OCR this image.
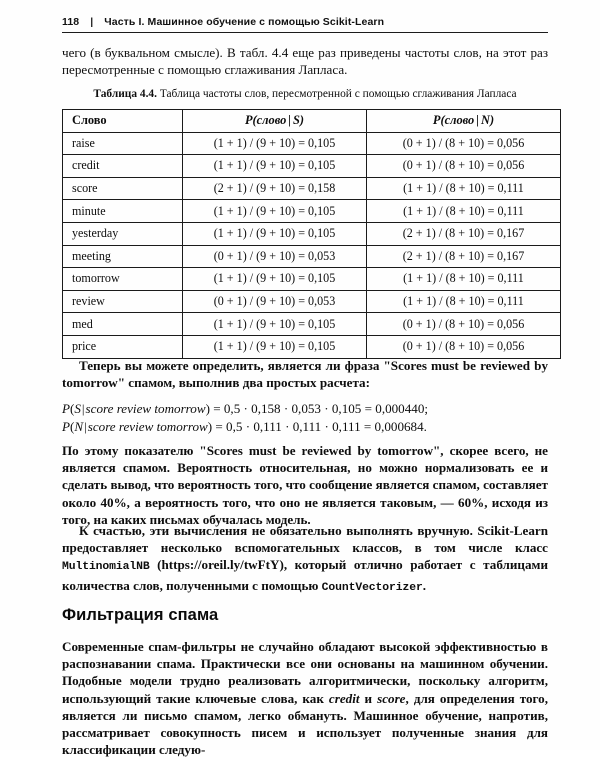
118 | Часть I. Машинное обучение с помощью Scikit-Learn
чего (в буквальном смысле). В табл. 4.4 еще раз приведены частоты слов, на этот раз пересмотренные с помощью сглаживания Лапласа.
Таблица 4.4. Таблица частоты слов, пересмотренной с помощью сглаживания Лапласа
Слово	P(слово | S)	P(слово | N)
raise	(1 + 1) / (9 + 10) = 0,105	(0 + 1) / (8 + 10) = 0,056
credit	(1 + 1) / (9 + 10) = 0,105	(0 + 1) / (8 + 10) = 0,056
score	(2 + 1) / (9 + 10) = 0,158	(1 + 1) / (8 + 10) = 0,111
minute	(1 + 1) / (9 + 10) = 0,105	(1 + 1) / (8 + 10) = 0,111
yesterday	(1 + 1) / (9 + 10) = 0,105	(2 + 1) / (8 + 10) = 0,167
meeting	(0 + 1) / (9 + 10) = 0,053	(2 + 1) / (8 + 10) = 0,167
tomorrow	(1 + 1) / (9 + 10) = 0,105	(1 + 1) / (8 + 10) = 0,111
review	(0 + 1) / (9 + 10) = 0,053	(1 + 1) / (8 + 10) = 0,111
med	(1 + 1) / (9 + 10) = 0,105	(0 + 1) / (8 + 10) = 0,056
price	(1 + 1) / (9 + 10) = 0,105	(0 + 1) / (8 + 10) = 0,056
Теперь вы можете определить, является ли фраза "Scores must be reviewed by tomorrow" спамом, выполнив два простых расчета:
P(S|score review tomorrow) = 0,5 · 0,158 · 0,053 · 0,105 = 0,000440;
P(N|score review tomorrow) = 0,5 · 0,111 · 0,111 · 0,111 = 0,000684.
По этому показателю "Scores must be reviewed by tomorrow", скорее всего, не является спамом. Вероятность относительная, но можно нормализовать ее и сделать вывод, что вероятность того, что сообщение является спамом, составляет около 40%, а вероятность того, что оно не является таковым, — 60%, исходя из того, на каких письмах обучалась модель.
К счастью, эти вычисления не обязательно выполнять вручную. Scikit-Learn предоставляет несколько вспомогательных классов, в том числе класс MultinomialNB (https://oreil.ly/twFtY), который отлично работает с таблицами количества слов, полученными с помощью CountVectorizer.
Фильтрация спама
Современные спам-фильтры не случайно обладают высокой эффективностью в распознавании спама. Практически все они основаны на машинном обучении. Подобные модели трудно реализовать алгоритмически, поскольку алгоритм, использующий такие ключевые слова, как credit и score, для определения того, является ли письмо спамом, легко обмануть. Машинное обучение, напротив, рассматривает совокупность писем и использует полученные знания для классификации следую-
